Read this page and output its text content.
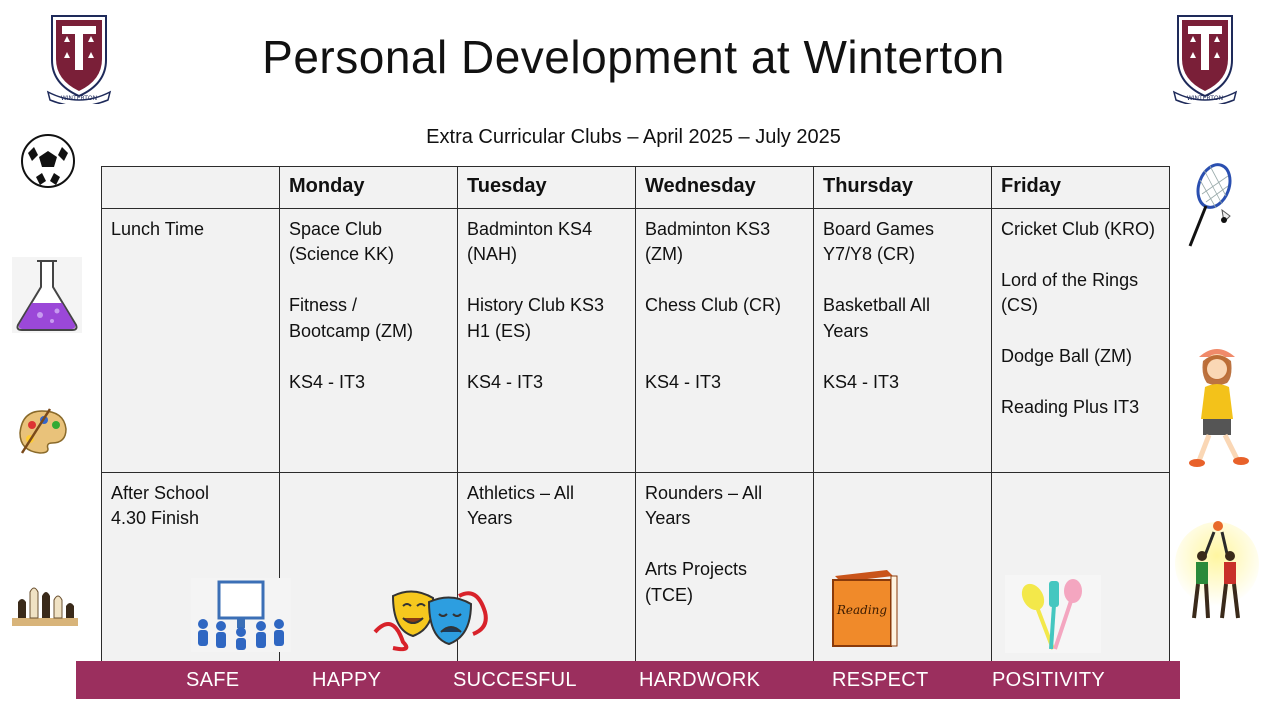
WINTERTON	WINTERTON
Personal Development at Winterton
Extra Curricular Clubs – April 2025 – July 2025
	Monday	Tuesday	Wednesday	Thursday	Friday

Lunch Time	Space Club
(Science KK)
Fitness /
Bootcamp (ZM)
KS4 - IT3	Badminton KS4
(NAH)
History Club KS3
H1 (ES)
KS4 - IT3	Badminton KS3
(ZM)
Chess Club (CR)
KS4 - IT3	Board Games
Y7/Y8 (CR)
Basketball All
Years
KS4 - IT3	Cricket Club (KRO)
Lord of the Rings
(CS)
Dodge Ball (ZM)
Reading Plus IT3

After School
4.30 Finish		Athletics – All
Years	Rounders – All
Years
Arts Projects
(TCE)		

Reading
SAFE	HAPPY	SUCCESFUL	HARDWORK	RESPECT	POSITIVITY
